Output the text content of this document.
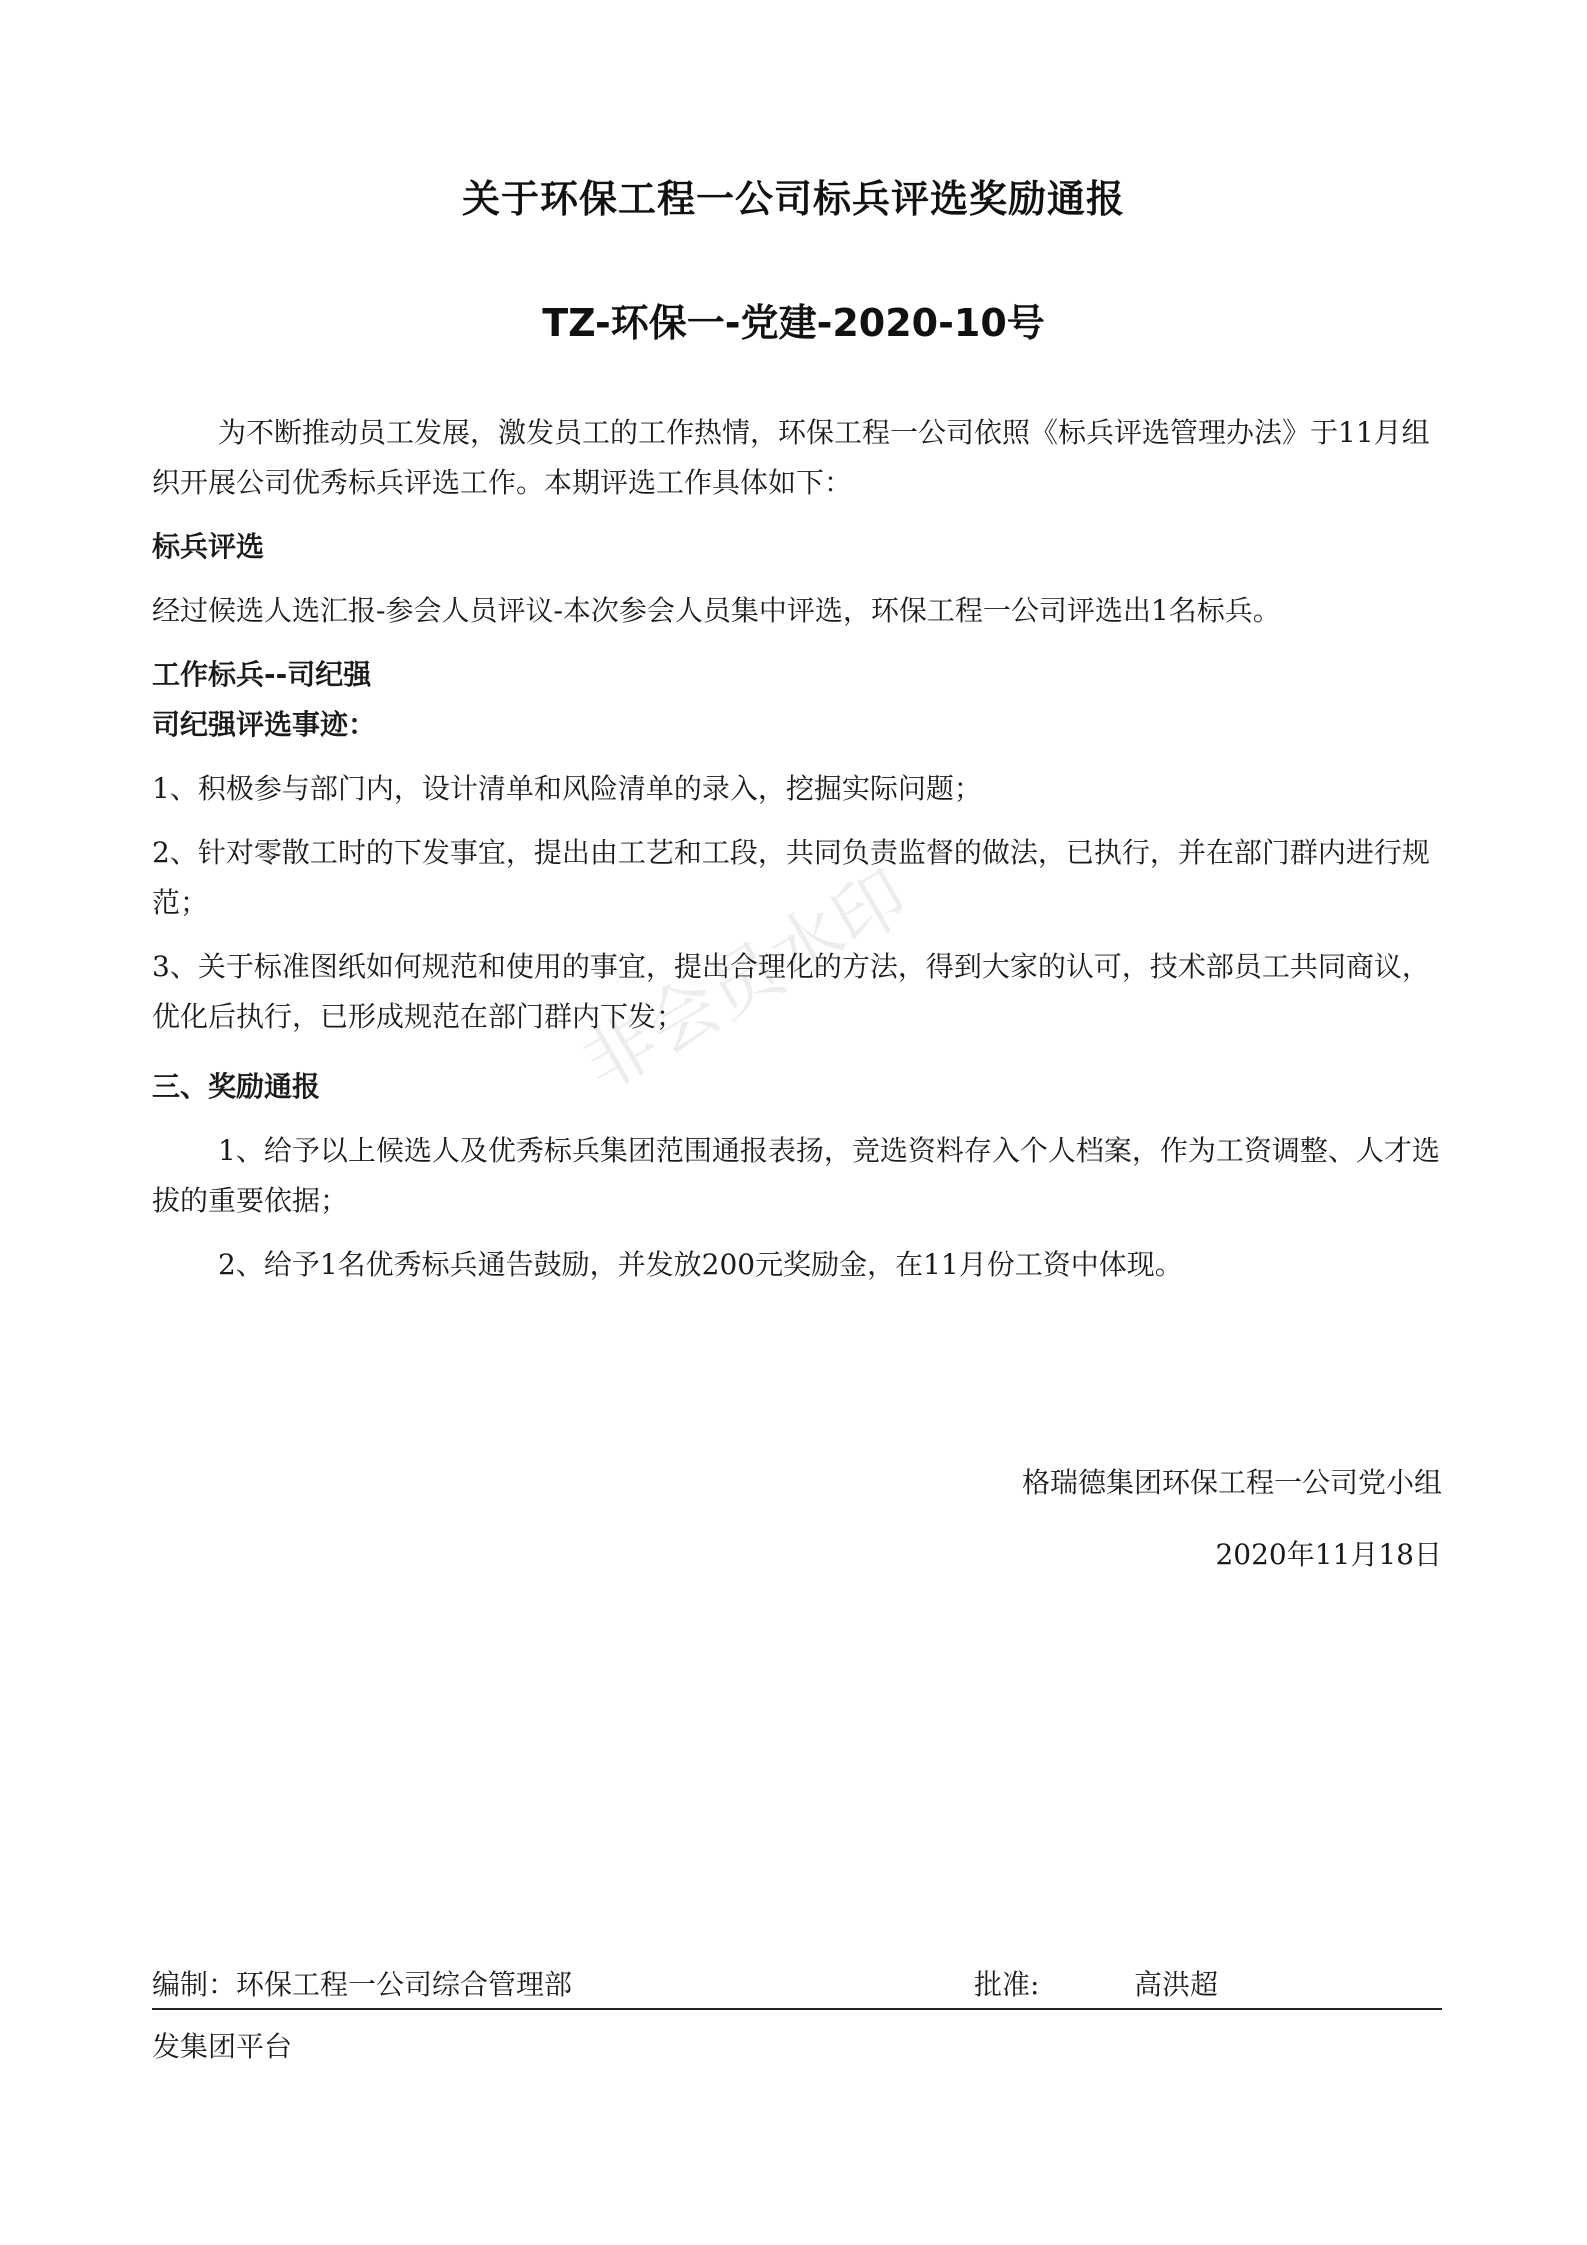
非会员水印
关于环保工程一公司标兵评选奖励通报
TZ-环保一-党建-2020-10号

为不断推动员工发展，激发员工的工作热情，环保工程一公司依照《标兵评选管理办法》于11月组织开展公司优秀标兵评选工作。本期评选工作具体如下：

标兵评选

经过候选人选汇报-参会人员评议-本次参会人员集中评选，环保工程一公司评选出1名标兵。

工作标兵--司纪强

司纪强评选事迹：

1、积极参与部门内，设计清单和风险清单的录入，挖掘实际问题；

2、针对零散工时的下发事宜，提出由工艺和工段，共同负责监督的做法，已执行，并在部门群内进行规范；

3、关于标准图纸如何规范和使用的事宜，提出合理化的方法，得到大家的认可，技术部员工共同商议，优化后执行，已形成规范在部门群内下发；

三、奖励通报

1、给予以上候选人及优秀标兵集团范围通报表扬，竞选资料存入个人档案，作为工资调整、人才选拔的重要依据；

2、给予1名优秀标兵通告鼓励，并发放200元奖励金，在11月份工资中体现。

格瑞德集团环保工程一公司党小组
2020年11月18日
编制：环保工程一公司综合管理部	批准:	高洪超
发集团平台
